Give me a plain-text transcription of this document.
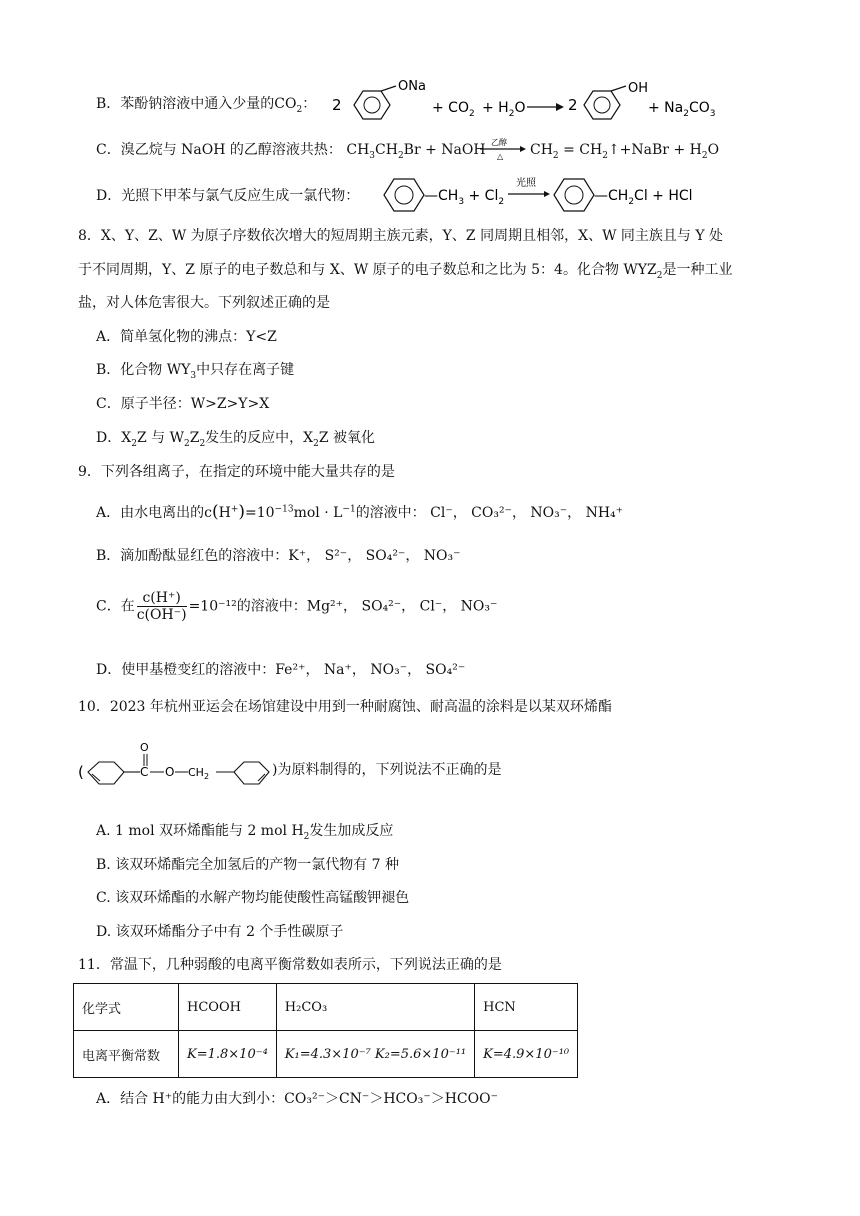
B．苯酚钠溶液中通入少量的$CO_2$： 2
ONa
+ $CO_2 + H_2O$	2
OH
+ $Na_2CO_3$
C．溴乙烷与 NaOH 的乙醇溶液共热： $CH_3CH_2Br$ + NaOH 乙醇
△ $CH_2$ = $CH_2↑+NaBr + H_2O$
D．光照下甲苯与氯气反应生成一氯代物：	$—CH_3 + Cl_2$
光照
$—CH_2Cl$ + HCl
8．X、Y、Z、W 为原子序数依次增大的短周期主族元素，Y、Z 同周期且相邻，X、W 同主族且与 Y 处
于不同周期，Y、Z 原子的电子数总和与 X、W 原子的电子数总和之比为 5：4。化合物 $WYZ_2$是一种工业
盐，对人体危害很大。下列叙述正确的是
A．简单氢化物的沸点：Y<Z
B．化合物 $WY_3$中只存在离子键
C．原子半径：W>Z>Y>X
D．$X_2Z$ 与 $W_2Z_2$发生的反应中，$X_2Z$ 被氧化
9．下列各组离子，在指定的环境中能大量共存的是
A．由水电离出的$c(H^+)=10^{-13}mol \cdot L^{-1}$的溶液中： Cl⁻， CO₃²⁻， NO₃⁻， NH₄⁺
B．滴加酚酞显红色的溶液中：K⁺， S²⁻， SO₄²⁻， NO₃⁻
C．在 $\frac{c(H^+)}{c(OH^-)} =10^{-12}$的溶液中：Mg²⁺， SO₄²⁻， Cl⁻， NO₃⁻
D．使甲基橙变红的溶液中：Fe²⁺， Na⁺， NO₃⁻， SO₄²⁻
10．2023 年杭州亚运会在场馆建设中用到一种耐腐蚀、耐高温的涂料是以某双环烯酯
(
O
C O $CH_2$	)为原料制得的，下列说法不正确的是
A. 1 mol 双环烯酯能与 2 mol $H_2$发生加成反应
B. 该双环烯酯完全加氢后的产物一氯代物有 7 种
C. 该双环烯酯的水解产物均能使酸性高锰酸钾褪色
D. 该双环烯酯分子中有 2 个手性碳原子
11．常温下，几种弱酸的电离平衡常数如表所示，下列说法正确的是
化学式	HCOOH	H₂CO₃	HCN
电离平衡常数	K=1.8×10⁻⁴	K₁=4.3×10⁻⁷ K₂=5.6×10⁻¹¹	K=4.9×10⁻¹⁰
A．结合 H⁺的能力由大到小：CO₃²⁻＞CN⁻＞HCO₃⁻＞HCOO⁻
